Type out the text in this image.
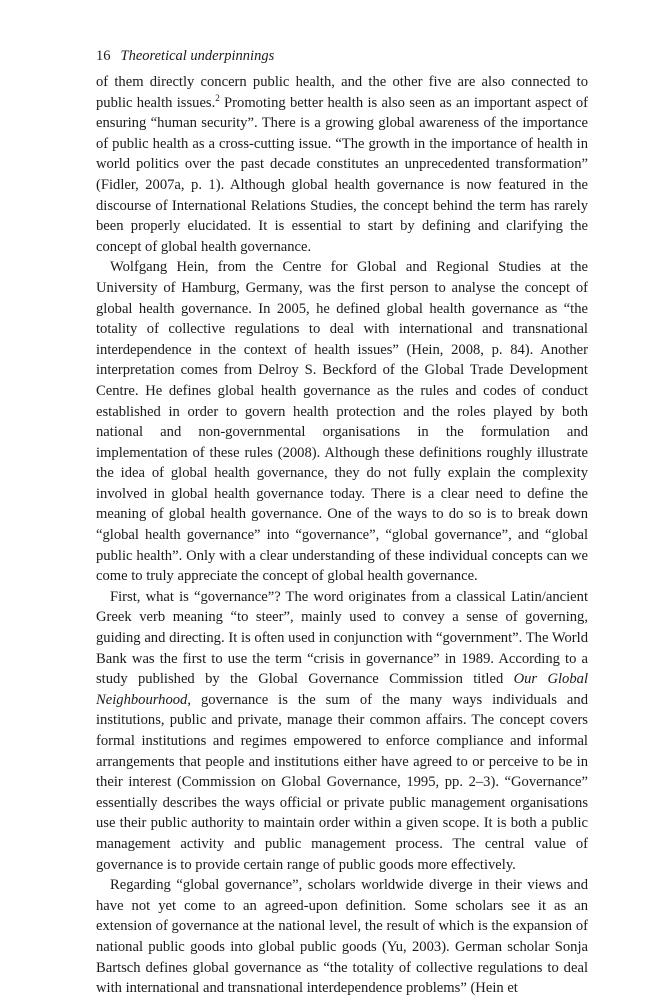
16 Theoretical underpinnings

of them directly concern public health, and the other five are also connected to public health issues.$^2$ Promoting better health is also seen as an important aspect of ensuring “human security”. There is a growing global awareness of the importance of public health as a cross-cutting issue. “The growth in the importance of health in world politics over the past decade constitutes an unprecedented transformation” (Fidler, 2007a, p. 1). Although global health governance is now featured in the discourse of International Relations Studies, the concept behind the term has rarely been properly elucidated. It is essential to start by defining and clarifying the concept of global health governance.

Wolfgang Hein, from the Centre for Global and Regional Studies at the University of Hamburg, Germany, was the first person to analyse the concept of global health governance. In 2005, he defined global health governance as “the totality of collective regulations to deal with international and transnational interdependence in the context of health issues” (Hein, 2008, p. 84). Another interpretation comes from Delroy S. Beckford of the Global Trade Development Centre. He defines global health governance as the rules and codes of conduct established in order to govern health protection and the roles played by both national and non-governmental organisations in the formulation and implementation of these rules (2008). Although these definitions roughly illustrate the idea of global health governance, they do not fully explain the complexity involved in global health governance today. There is a clear need to define the meaning of global health governance. One of the ways to do so is to break down “global health governance” into “governance”, “global governance”, and “global public health”. Only with a clear understanding of these individual concepts can we come to truly appreciate the concept of global health governance.

First, what is “governance”? The word originates from a classical Latin/ancient Greek verb meaning “to steer”, mainly used to convey a sense of governing, guiding and directing. It is often used in conjunction with “government”. The World Bank was the first to use the term “crisis in governance” in 1989. According to a study published by the Global Governance Commission titled Our Global Neighbourhood, governance is the sum of the many ways individuals and institutions, public and private, manage their common affairs. The concept covers formal institutions and regimes empowered to enforce compliance and informal arrangements that people and institutions either have agreed to or perceive to be in their interest (Commission on Global Governance, 1995, pp. 2–3). “Governance” essentially describes the ways official or private public management organisations use their public authority to maintain order within a given scope. It is both a public management activity and public management process. The central value of governance is to provide certain range of public goods more effectively.

Regarding “global governance”, scholars worldwide diverge in their views and have not yet come to an agreed-upon definition. Some scholars see it as an extension of governance at the national level, the result of which is the expansion of national public goods into global public goods (Yu, 2003). German scholar Sonja Bartsch defines global governance as “the totality of collective regulations to deal with international and transnational interdependence problems” (Hein et
